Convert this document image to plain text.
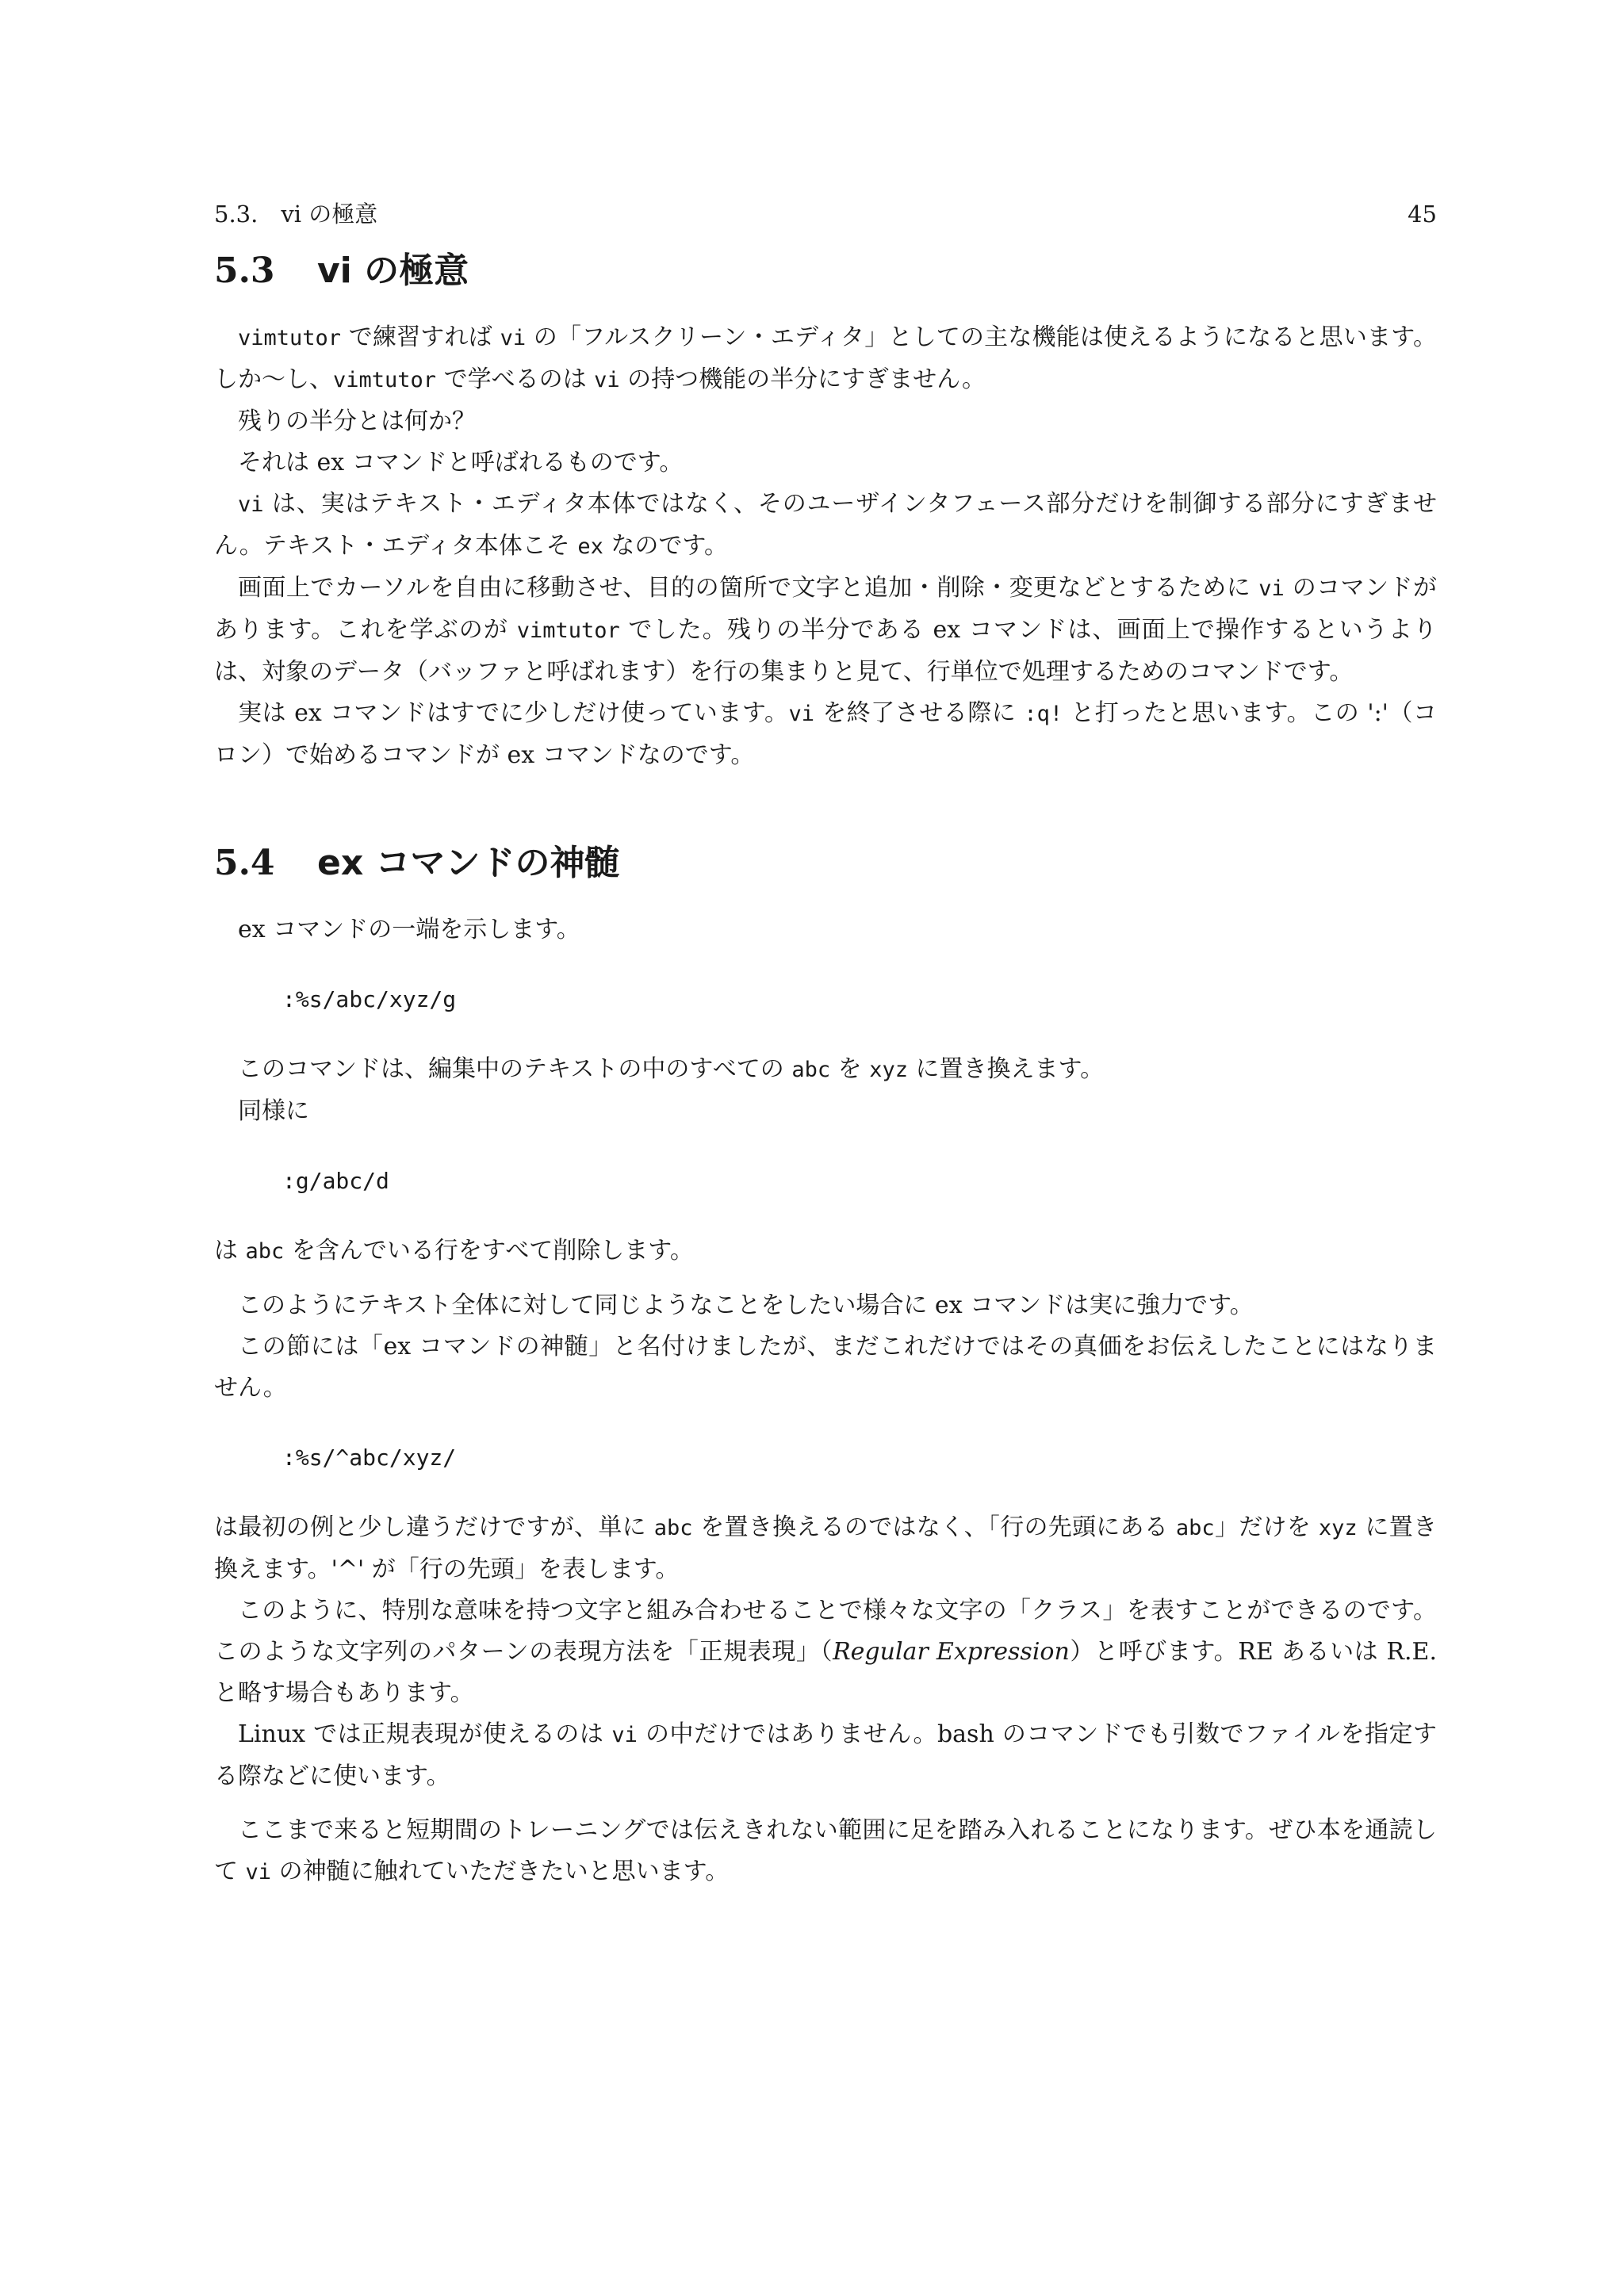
5.3.　vi の極意	45
5.3 vi の極意

vimtutor で練習すれば vi の「フルスクリーン・エディタ」としての主な機能は使えるようになると思います。しか〜し、vimtutor で学べるのは vi の持つ機能の半分にすぎません。

残りの半分とは何か？

それは ex コマンドと呼ばれるものです。

vi は、実はテキスト・エディタ本体ではなく、そのユーザインタフェース部分だけを制御する部分にすぎません。テキスト・エディタ本体こそ ex なのです。

画面上でカーソルを自由に移動させ、目的の箇所で文字と追加・削除・変更などとするために vi のコマンドがあります。これを学ぶのが vimtutor でした。残りの半分である ex コマンドは、画面上で操作するというよりは、対象のデータ（バッファと呼ばれます）を行の集まりと見て、行単位で処理するためのコマンドです。

実は ex コマンドはすでに少しだけ使っています。vi を終了させる際に :q! と打ったと思います。この ':'（コロン）で始めるコマンドが ex コマンドなのです。

5.4 ex コマンドの神髄

ex コマンドの一端を示します。

:%s/abc/xyz/g

このコマンドは、編集中のテキストの中のすべての abc を xyz に置き換えます。

同様に

:g/abc/d

は abc を含んでいる行をすべて削除します。

このようにテキスト全体に対して同じようなことをしたい場合に ex コマンドは実に強力です。

この節には「ex コマンドの神髄」と名付けましたが、まだこれだけではその真価をお伝えしたことにはなりません。

:%s/^abc/xyz/

は最初の例と少し違うだけですが、単に abc を置き換えるのではなく、「行の先頭にある abc」だけを xyz に置き換えます。'^' が「行の先頭」を表します。

このように、特別な意味を持つ文字と組み合わせることで様々な文字の「クラス」を表すことができるのです。このような文字列のパターンの表現方法を「正規表現」（Regular Expression）と呼びます。RE あるいは R.E. と略す場合もあります。

Linux では正規表現が使えるのは vi の中だけではありません。bash のコマンドでも引数でファイルを指定する際などに使います。

ここまで来ると短期間のトレーニングでは伝えきれない範囲に足を踏み入れることになります。ぜひ本を通読して vi の神髄に触れていただきたいと思います。
